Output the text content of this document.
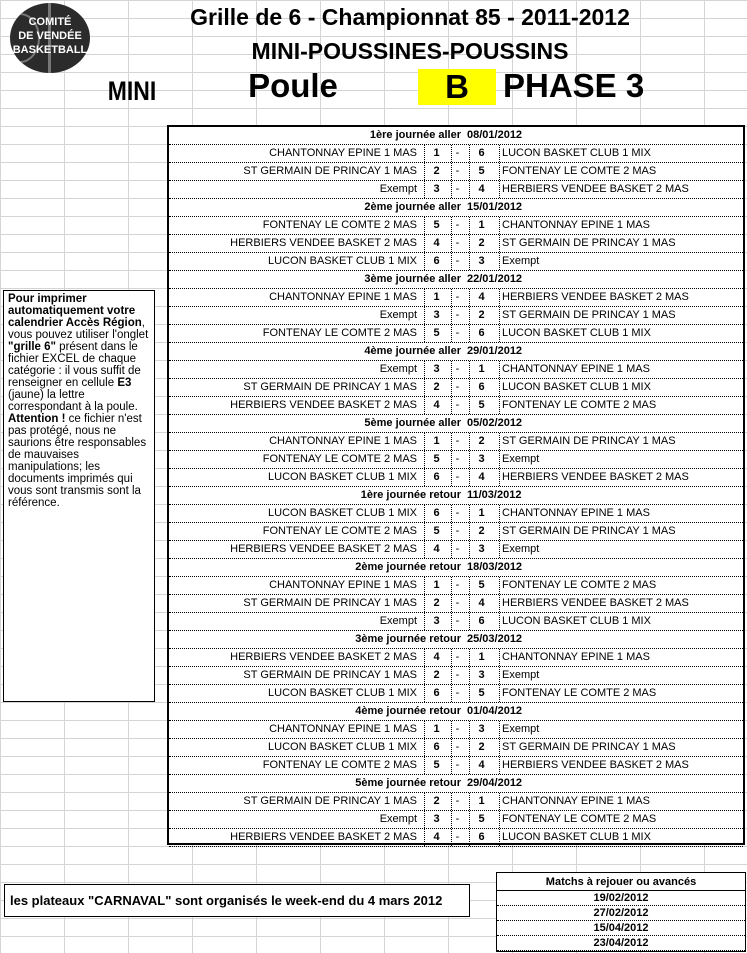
COMITÉ
DE VENDÉE
BASKETBALL
Grille de 6 - Championnat 85 - 2011-2012
MINI-POUSSINES-POUSSINS
MINI	Poule	B	PHASE 3
1ère journée aller 08/01/2012
CHANTONNAY EPINE 1 MAS	1	-	6	LUCON BASKET CLUB 1 MIX
ST GERMAIN DE PRINCAY 1 MAS	2	-	5	FONTENAY LE COMTE 2 MAS
Exempt	3	-	4	HERBIERS VENDEE BASKET 2 MAS
2ème journée aller 15/01/2012
FONTENAY LE COMTE 2 MAS	5	-	1	CHANTONNAY EPINE 1 MAS
HERBIERS VENDEE BASKET 2 MAS	4	-	2	ST GERMAIN DE PRINCAY 1 MAS
LUCON BASKET CLUB 1 MIX	6	-	3	Exempt
3ème journée aller 22/01/2012
CHANTONNAY EPINE 1 MAS	1	-	4	HERBIERS VENDEE BASKET 2 MAS
Exempt	3	-	2	ST GERMAIN DE PRINCAY 1 MAS
FONTENAY LE COMTE 2 MAS	5	-	6	LUCON BASKET CLUB 1 MIX
4ème journée aller 29/01/2012
Exempt	3	-	1	CHANTONNAY EPINE 1 MAS
ST GERMAIN DE PRINCAY 1 MAS	2	-	6	LUCON BASKET CLUB 1 MIX
HERBIERS VENDEE BASKET 2 MAS	4	-	5	FONTENAY LE COMTE 2 MAS
5ème journée aller 05/02/2012
CHANTONNAY EPINE 1 MAS	1	-	2	ST GERMAIN DE PRINCAY 1 MAS
FONTENAY LE COMTE 2 MAS	5	-	3	Exempt
LUCON BASKET CLUB 1 MIX	6	-	4	HERBIERS VENDEE BASKET 2 MAS
1ère journée retour 11/03/2012
LUCON BASKET CLUB 1 MIX	6	-	1	CHANTONNAY EPINE 1 MAS
FONTENAY LE COMTE 2 MAS	5	-	2	ST GERMAIN DE PRINCAY 1 MAS
HERBIERS VENDEE BASKET 2 MAS	4	-	3	Exempt
2ème journée retour 18/03/2012
CHANTONNAY EPINE 1 MAS	1	-	5	FONTENAY LE COMTE 2 MAS
ST GERMAIN DE PRINCAY 1 MAS	2	-	4	HERBIERS VENDEE BASKET 2 MAS
Exempt	3	-	6	LUCON BASKET CLUB 1 MIX
3ème journée retour 25/03/2012
HERBIERS VENDEE BASKET 2 MAS	4	-	1	CHANTONNAY EPINE 1 MAS
ST GERMAIN DE PRINCAY 1 MAS	2	-	3	Exempt
LUCON BASKET CLUB 1 MIX	6	-	5	FONTENAY LE COMTE 2 MAS
4ème journée retour 01/04/2012
CHANTONNAY EPINE 1 MAS	1	-	3	Exempt
LUCON BASKET CLUB 1 MIX	6	-	2	ST GERMAIN DE PRINCAY 1 MAS
FONTENAY LE COMTE 2 MAS	5	-	4	HERBIERS VENDEE BASKET 2 MAS
5ème journée retour 29/04/2012
ST GERMAIN DE PRINCAY 1 MAS	2	-	1	CHANTONNAY EPINE 1 MAS
Exempt	3	-	5	FONTENAY LE COMTE 2 MAS
HERBIERS VENDEE BASKET 2 MAS	4	-	6	LUCON BASKET CLUB 1 MIX

Pour imprimer automatiquement votre calendrier Accès Région, vous pouvez utiliser l'onglet "grille 6" présent dans le fichier EXCEL de chaque catégorie : il vous suffit de renseigner en cellule E3 (jaune) la lettre correspondant à la poule.

Attention ! ce fichier n'est pas protégé, nous ne saurions être responsables de mauvaises manipulations; les documents imprimés qui vous sont transmis sont la référence.

les plateaux "CARNAVAL" sont organisés le week-end du 4 mars 2012
Matchs à rejouer ou avancés
19/02/2012
27/02/2012
15/04/2012
23/04/2012
